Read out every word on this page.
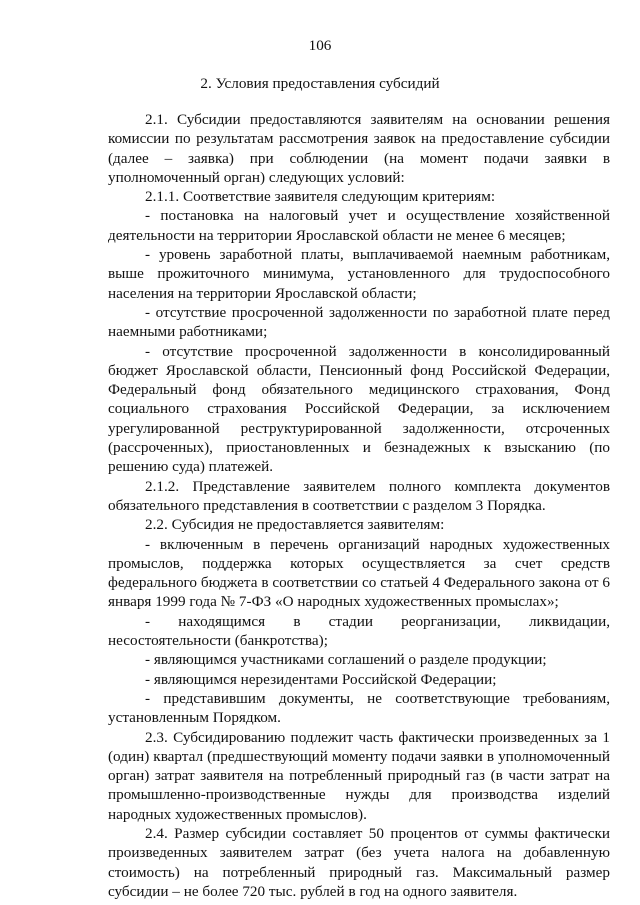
106
2. Условия предоставления субсидий

2.1. Субсидии предоставляются заявителям на основании решения комиссии по результатам рассмотрения заявок на предоставление субсидии (далее – заявка) при соблюдении (на момент подачи заявки в уполномоченный орган) следующих условий:

2.1.1. Соответствие заявителя следующим критериям:

- постановка на налоговый учет и осуществление хозяйственной деятельности на территории Ярославской области не менее 6 месяцев;

- уровень заработной платы, выплачиваемой наемным работникам, выше прожиточного минимума, установленного для трудоспособного населения на территории Ярославской области;

- отсутствие просроченной задолженности по заработной плате перед наемными работниками;

- отсутствие просроченной задолженности в консолидированный бюджет Ярославской области, Пенсионный фонд Российской Федерации, Федеральный фонд обязательного медицинского страхования, Фонд социального страхования Российской Федерации, за исключением урегулированной реструктурированной задолженности, отсроченных (рассроченных), приостановленных и безнадежных к взысканию (по решению суда) платежей.

2.1.2. Представление заявителем полного комплекта документов обязательного представления в соответствии с разделом 3 Порядка.

2.2. Субсидия не предоставляется заявителям:

- включенным в перечень организаций народных художественных промыслов, поддержка которых осуществляется за счет средств федерального бюджета в соответствии со статьей 4 Федерального закона от 6 января 1999 года № 7-ФЗ «О народных художественных промыслах»;

- находящимся в стадии реорганизации, ликвидации, несостоятельности (банкротства);

- являющимся участниками соглашений о разделе продукции;

- являющимся нерезидентами Российской Федерации;

- представившим документы, не соответствующие требованиям, установленным Порядком.

2.3. Субсидированию подлежит часть фактически произведенных за 1 (один) квартал (предшествующий моменту подачи заявки в уполномоченный орган) затрат заявителя на потребленный природный газ (в части затрат на промышленно-производственные нужды для производства изделий народных художественных промыслов).

2.4. Размер субсидии составляет 50 процентов от суммы фактически произведенных заявителем затрат (без учета налога на добавленную стоимость) на потребленный природный газ. Максимальный размер субсидии – не более 720 тыс. рублей в год на одного заявителя.
